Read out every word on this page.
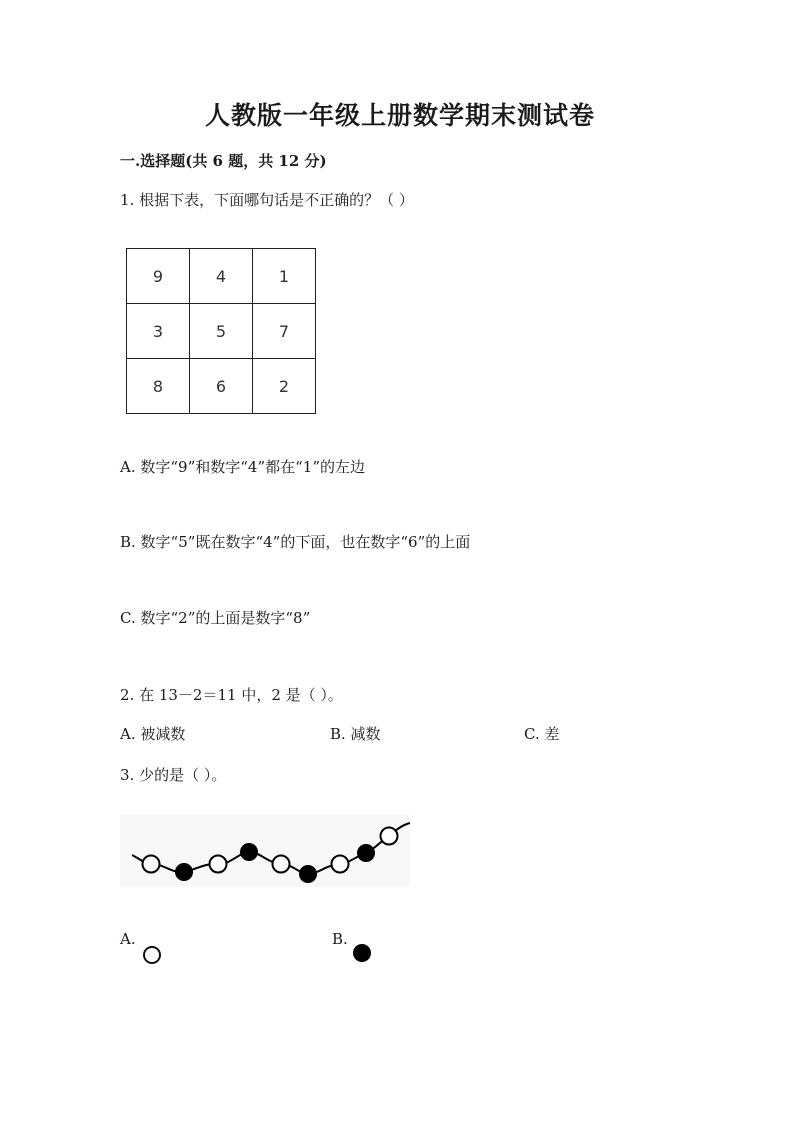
人教版一年级上册数学期末测试卷
一.选择题(共 6 题，共 12 分)
1. 根据下表，下面哪句话是不正确的？（ ）
9	4	1
3	5	7
8	6	2
A. 数字“9”和数字“4”都在“1”的左边
B. 数字“5”既在数字“4”的下面，也在数字“6”的上面
C. 数字“2”的上面是数字“8”
2. 在 13－2＝11 中，2 是（ ）。
A. 被减数	B. 减数	C. 差
3. 少的是（ ）。
A.	B.
